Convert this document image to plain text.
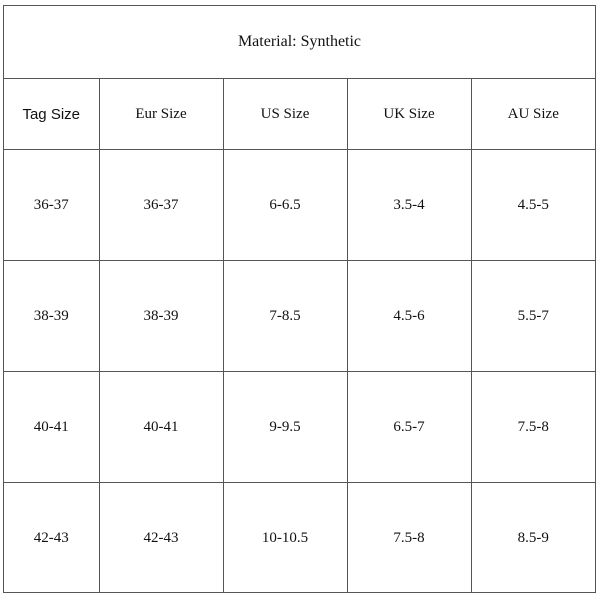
Material: Synthetic
Tag Size	Eur Size	US Size	UK Size	AU Size
36-37	36-37	6-6.5	3.5-4	4.5-5
38-39	38-39	7-8.5	4.5-6	5.5-7
40-41	40-41	9-9.5	6.5-7	7.5-8
42-43	42-43	10-10.5	7.5-8	8.5-9
